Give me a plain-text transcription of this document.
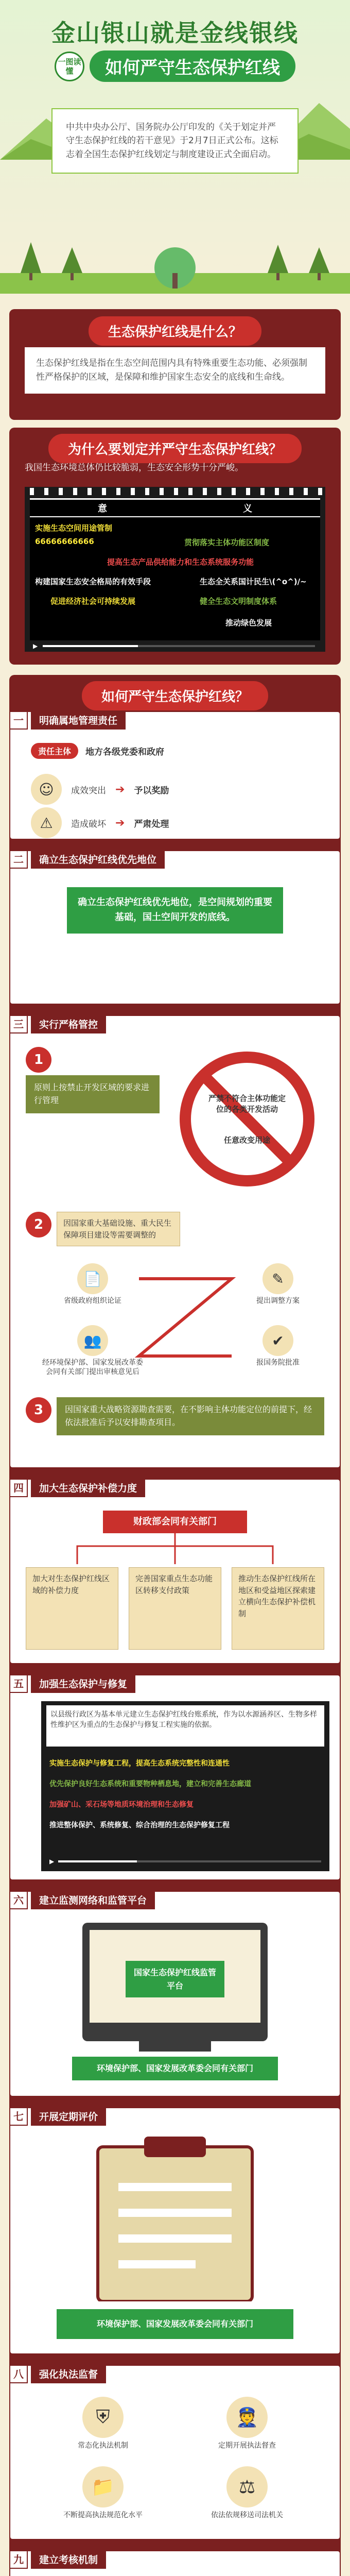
金山银山就是金线银线
一图读懂	如何严守生态保护红线
中共中央办公厅、国务院办公厅印发的《关于划定并严守生态保护红线的若干意见》于2月7日正式公布。这标志着全国生态保护红线划定与制度建设正式全面启动。
生态保护红线是什么？
生态保护红线是指在生态空间范围内具有特殊重要生态功能、必须强制性严格保护的区域，是保障和维护国家生态安全的底线和生命线。
为什么要划定并严守生态保护红线？
我国生态环境总体仍比较脆弱，生态安全形势十分严峻。
意	义
实施生态空间用途管制
66666666666	贯彻落实主体功能区制度
提高生态产品供给能力和生态系统服务功能
构建国家生态安全格局的有效手段	生态全关系国计民生\(^o^)/~
促进经济社会可持续发展	健全生态文明制度体系
推动绿色发展
▶
如何严守生态保护红线？
一	明确属地管理责任
责任主体	地方各级党委和政府
☺	成效突出 ➔ 予以奖励
⚠	造成破坏 ➔ 严肃处理
二	确立生态保护红线优先地位
确立生态保护红线优先地位，是空间规划的重要基础，国土空间开发的底线。
三	实行严格管控
1
原则上按禁止开发区域的要求进行管理	严禁不符合主体功能定位的各类开发活动
任意改变用途
2	因国家重大基础设施、重大民生保障项目建设等需要调整的
📄
省级政府组织论证
✎
提出调整方案
👥
经环境保护部、国家发展改革委会同有关部门提出审核意见后
✔
报国务院批准
3	因国家重大战略资源勘查需要，在不影响主体功能定位的前提下，经依法批准后予以安排勘查项目。
四	加大生态保护补偿力度
财政部会同有关部门
加大对生态保护红线区域的补偿力度
完善国家重点生态功能区转移支付政策
推动生态保护红线所在地区和受益地区探索建立横向生态保护补偿机制
五	加强生态保护与修复
以县级行政区为基本单元建立生态保护红线台账系统，作为以水源涵养区、生物多样性维护区为重点的生态保护与修复工程实施的依据。
实施生态保护与修复工程，提高生态系统完整性和连通性
优先保护良好生态系统和重要物种栖息地，建立和完善生态廊道
加强矿山、采石场等地质环境治理和生态修复
推进整体保护、系统修复、综合治理的生态保护修复工程
▶
六	建立监测网络和监管平台
国家生态保护红线监管平台
环境保护部、国家发展改革委会同有关部门
七	开展定期评价
环境保护部、国家发展改革委会同有关部门
八	强化执法监督
⛨
常态化执法机制
👮
定期开展执法督查
📁
不断提高执法规范化水平
⚖
依法依规移送司法机关
九	建立考核机制
